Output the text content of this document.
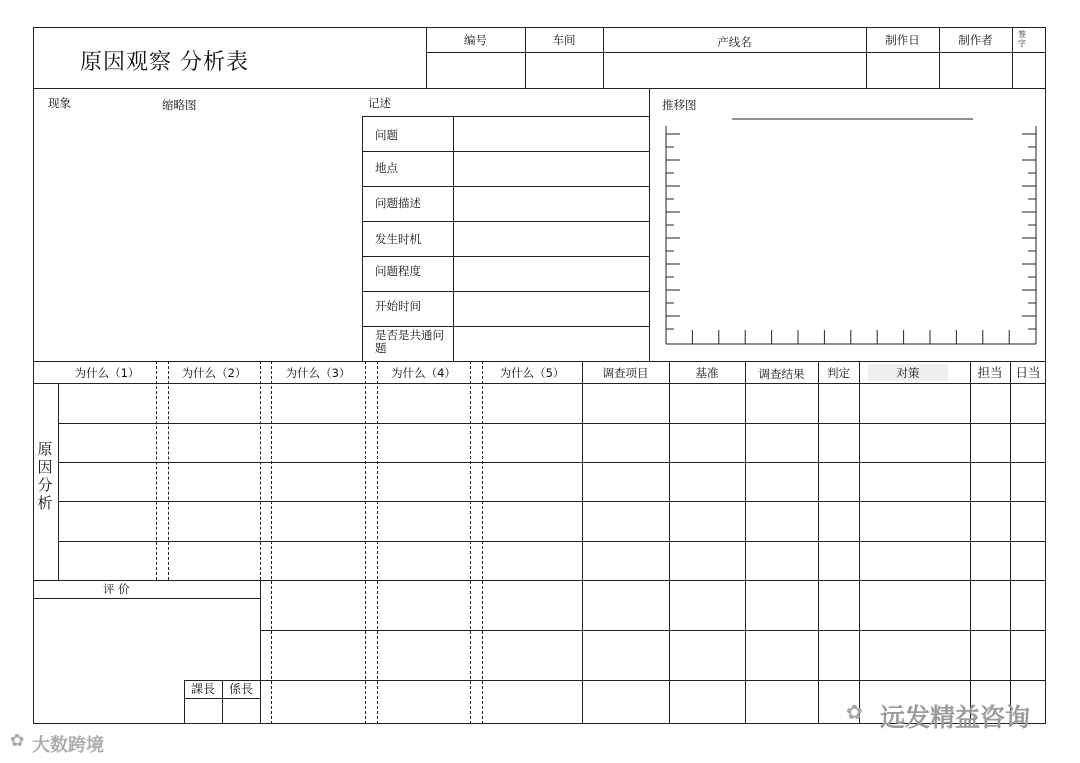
原因观察 分析表
编号	车间	产线名	制作日	制作者	签字
现象	缩略图	记述	推移图
问题
地点
问题描述
发生时机
问题程度
开始时间
是否是共通问题
为什么（1）	为什么（2）	为什么（3）	为什么（4）	为什么（5）	调查项目	基准	调查结果	判定	对策	担当	日当
原因分析
评 价
課長	係長
✿ 远发精益咨询
✿ 大数跨境
